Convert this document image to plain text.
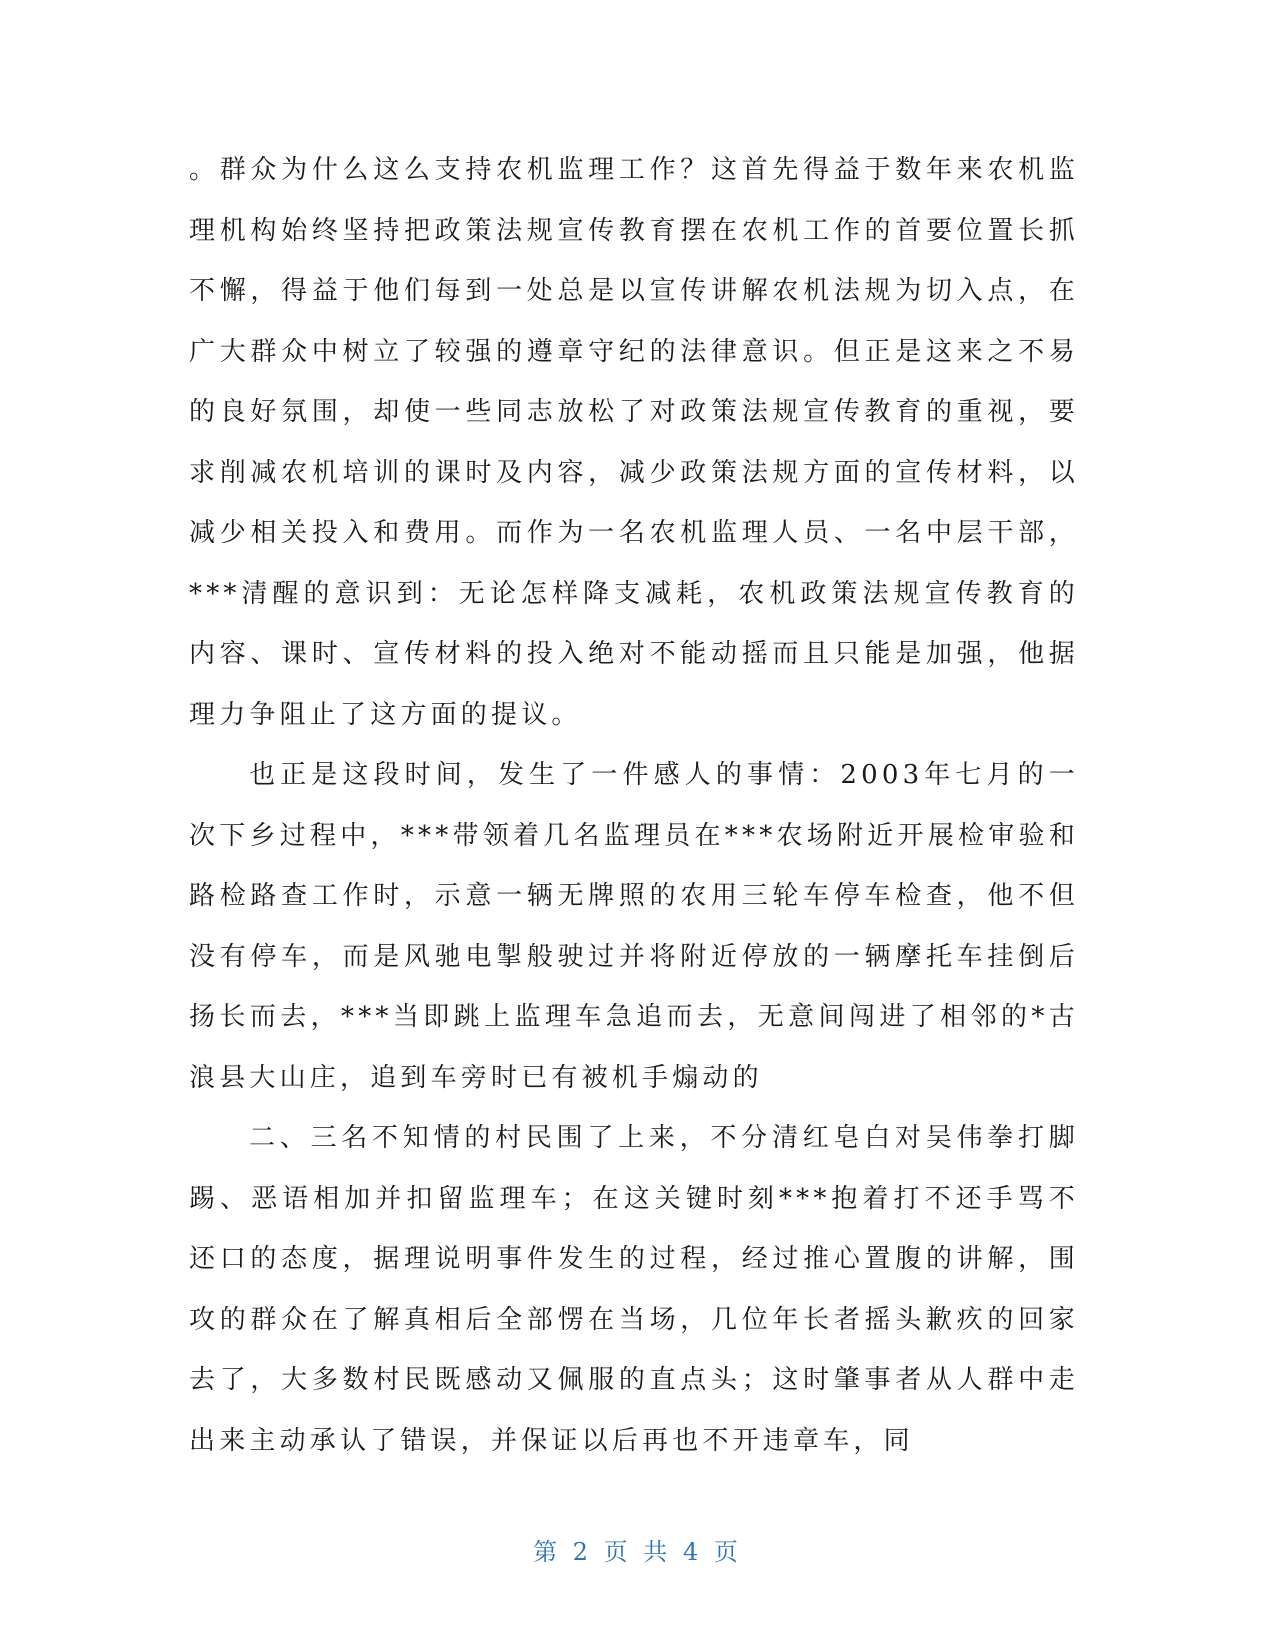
。群众为什么这么支持农机监理工作？这首先得益于数年来农机监理机构始终坚持把政策法规宣传教育摆在农机工作的首要位置长抓不懈，得益于他们每到一处总是以宣传讲解农机法规为切入点，在广大群众中树立了较强的遵章守纪的法律意识。但正是这来之不易的良好氛围，却使一些同志放松了对政策法规宣传教育的重视，要求削减农机培训的课时及内容，减少政策法规方面的宣传材料，以减少相关投入和费用。而作为一名农机监理人员、一名中层干部，***清醒的意识到：无论怎样降支减耗，农机政策法规宣传教育的内容、课时、宣传材料的投入绝对不能动摇而且只能是加强，他据理力争阻止了这方面的提议。

也正是这段时间，发生了一件感人的事情：2003年七月的一次下乡过程中，***带领着几名监理员在***农场附近开展检审验和路检路查工作时，示意一辆无牌照的农用三轮车停车检查，他不但没有停车，而是风驰电掣般驶过并将附近停放的一辆摩托车挂倒后扬长而去，***当即跳上监理车急追而去，无意间闯进了相邻的*古浪县大山庄，追到车旁时已有被机手煽动的

二、三名不知情的村民围了上来，不分清红皂白对吴伟拳打脚踢、恶语相加并扣留监理车；在这关键时刻***抱着打不还手骂不还口的态度，据理说明事件发生的过程，经过推心置腹的讲解，围攻的群众在了解真相后全部愣在当场，几位年长者摇头歉疚的回家去了，大多数村民既感动又佩服的直点头；这时肇事者从人群中走出来主动承认了错误，并保证以后再也不开违章车，同

第 2 页 共 4 页
